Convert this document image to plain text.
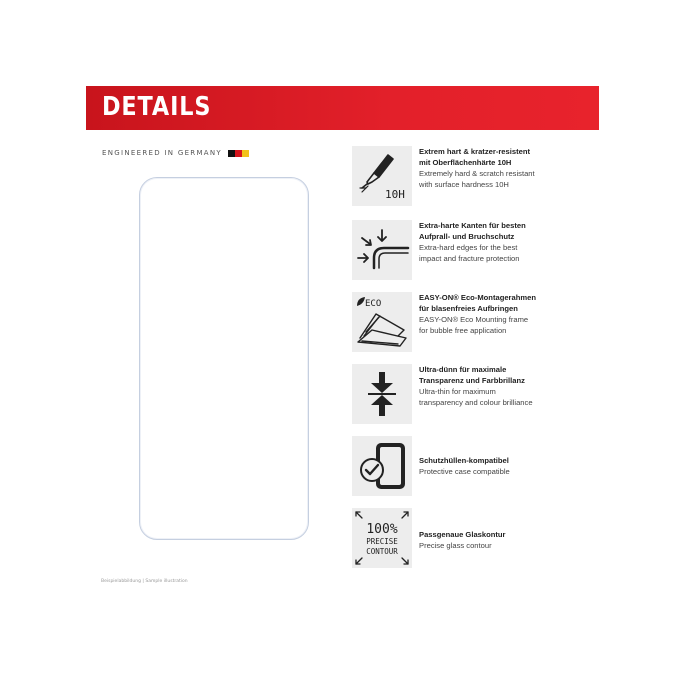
DETAILS
ENGINEERED IN GERMANY
Beispielabbildung | Sample illustration
10H
Extrem hart & kratzer-resistent
mit Oberflächenhärte 10H
Extremely hard & scratch resistant
with surface hardness 10H
Extra-harte Kanten für besten
Aufprall- und Bruchschutz
Extra-hard edges for the best
impact and fracture protection
ECO
EASY-ON® Eco-Montagerahmen
für blasenfreies Aufbringen
EASY-ON® Eco Mounting frame
for bubble free application
Ultra-dünn für maximale
Transparenz und Farbbrillanz
Ultra-thin for maximum
transparency and colour brilliance
Schutzhüllen-kompatibel
Protective case compatible
100%
PRECISE
CONTOUR
Passgenaue Glaskontur
Precise glass contour
